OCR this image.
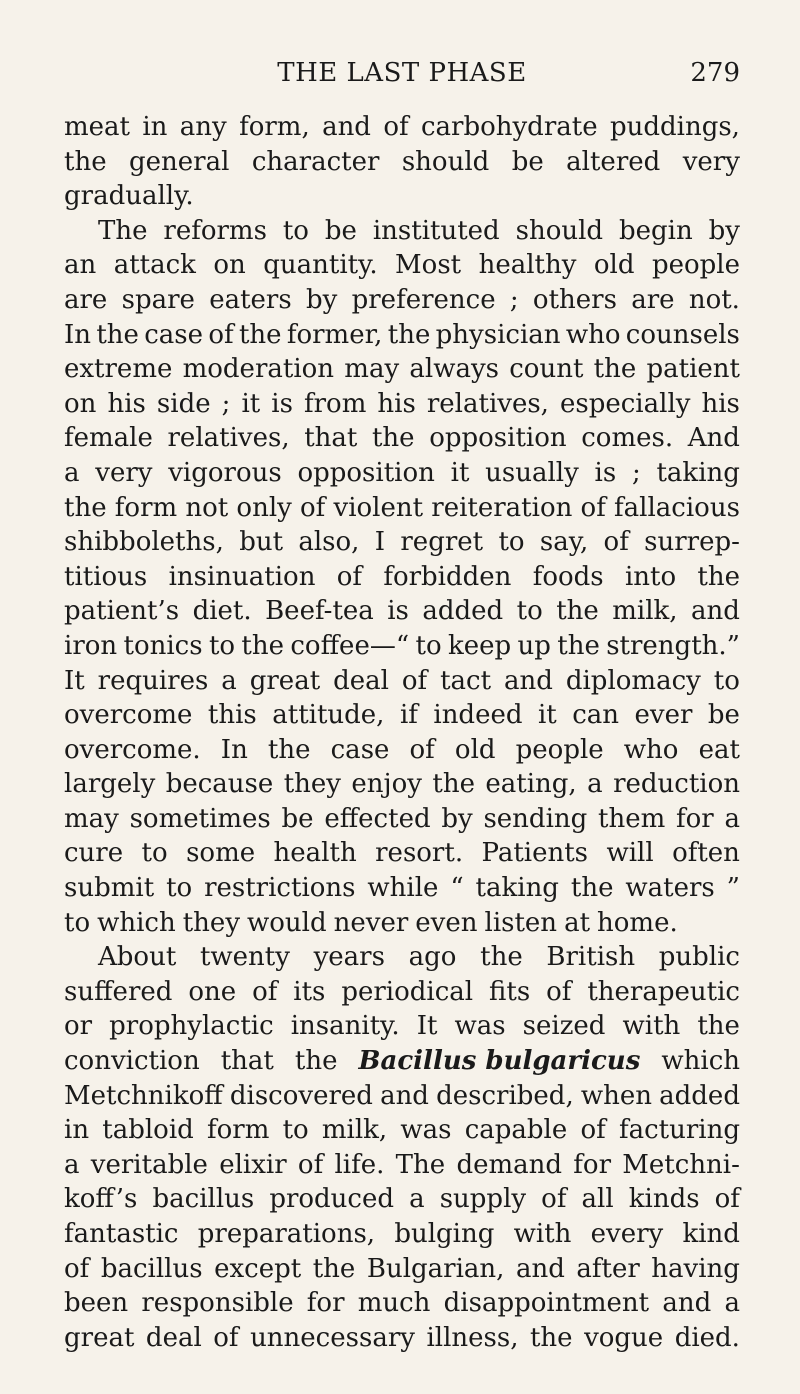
THE LAST PHASE	279
meat in any form, and of carbohydrate puddings,
the general character should be altered very
gradually.
The reforms to be instituted should begin by
an attack on quantity. Most healthy old people
are spare eaters by preference ; others are not.
In the case of the former, the physician who counsels
extreme moderation may always count the patient
on his side ; it is from his relatives, especially his
female relatives, that the opposition comes. And
a very vigorous opposition it usually is ; taking
the form not only of violent reiteration of fallacious
shibboleths, but also, I regret to say, of surrep-
titious insinuation of forbidden foods into the
patient’s diet. Beef-tea is added to the milk, and
iron tonics to the coffee—“ to keep up the strength.”
It requires a great deal of tact and diplomacy to
overcome this attitude, if indeed it can ever be
overcome. In the case of old people who eat
largely because they enjoy the eating, a reduction
may sometimes be effected by sending them for a
cure to some health resort. Patients will often
submit to restrictions while “ taking the waters ”
to which they would never even listen at home.
About twenty years ago the British public
suffered one of its periodical fits of therapeutic
or prophylactic insanity. It was seized with the
conviction that the Bacillus bulgaricus which
Metchnikoff discovered and described, when added
in tabloid form to milk, was capable of facturing
a veritable elixir of life. The demand for Metchni-
koff’s bacillus produced a supply of all kinds of
fantastic preparations, bulging with every kind
of bacillus except the Bulgarian, and after having
been responsible for much disappointment and a
great deal of unnecessary illness, the vogue died.
